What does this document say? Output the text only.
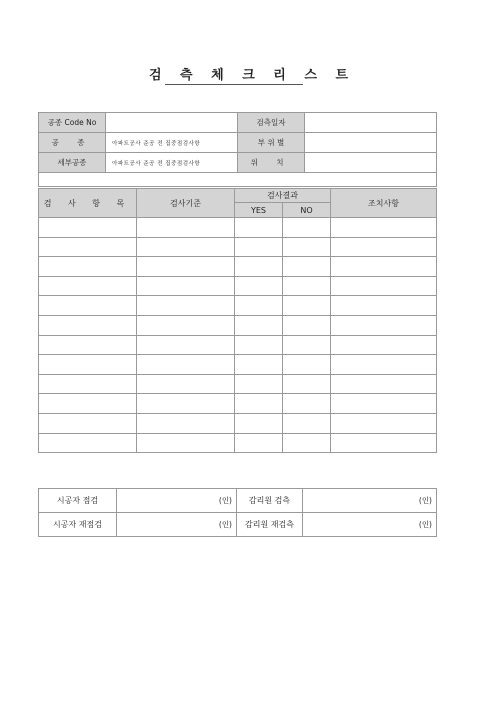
검 측 체 크 리 스 트
공종 Code No		검측일자	
공 종	아파트공사 준공 전 집중점검사항	부 위 별	
세부공종	아파트공사 준공 전 집중점검사항	위 치	

검 사 항 목	검사기준	검사결과		조치사항
		YES	NO	

시공자 점검	(인)	감리원 검측	(인)
시공자 재점검	(인)	감리원 재검측	(인)
